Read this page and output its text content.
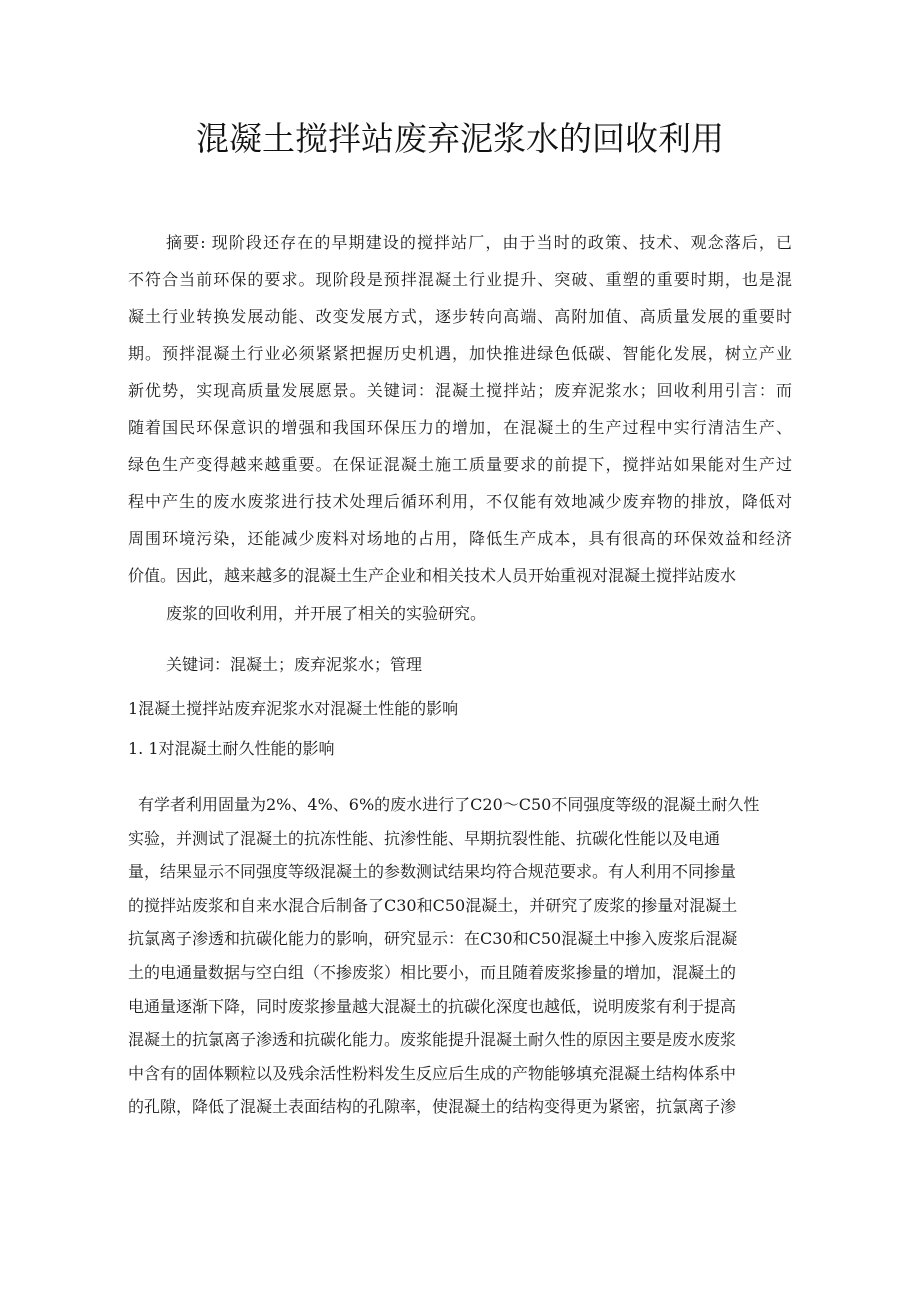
混凝土搅拌站废弃泥浆水的回收利用
摘要: 现阶段还存在的早期建设的搅拌站厂，由于当时的政策、技术、观念落后，已
不符合当前环保的要求。现阶段是预拌混凝土行业提升、突破、重塑的重要时期，也是混
凝土行业转换发展动能、改变发展方式，逐步转向高端、高附加值、高质量发展的重要时
期。预拌混凝土行业必须紧紧把握历史机遇，加快推进绿色低碳、智能化发展，树立产业
新优势，实现高质量发展愿景。关键词：混凝土搅拌站；废弃泥浆水；回收利用引言：而
随着国民环保意识的增强和我国环保压力的增加，在混凝土的生产过程中实行清洁生产、
绿色生产变得越来越重要。在保证混凝土施工质量要求的前提下，搅拌站如果能对生产过
程中产生的废水废浆进行技术处理后循环利用，不仅能有效地减少废弃物的排放，降低对
周围环境污染，还能减少废料对场地的占用，降低生产成本，具有很高的环保效益和经济
价值。因此，越来越多的混凝土生产企业和相关技术人员开始重视对混凝土搅拌站废水
废浆的回收利用，并开展了相关的实验研究。
关键词：混凝土；废弃泥浆水；管理
1混凝土搅拌站废弃泥浆水对混凝土性能的影响
1. 1对混凝土耐久性能的影响
有学者利用固量为2%、4%、6%的废水进行了C20〜C50不同强度等级的混凝土耐久性
实验，并测试了混凝土的抗冻性能、抗渗性能、早期抗裂性能、抗碳化性能以及电通
量，结果显示不同强度等级混凝土的参数测试结果均符合规范要求。有人利用不同掺量
的搅拌站废浆和自来水混合后制备了C30和C50混凝土，并研究了废浆的掺量对混凝土
抗氯离子渗透和抗碳化能力的影响，研究显示：在C30和C50混凝土中掺入废浆后混凝
土的电通量数据与空白组（不掺废浆）相比要小，而且随着废浆掺量的增加，混凝土的
电通量逐渐下降，同时废浆掺量越大混凝土的抗碳化深度也越低，说明废浆有利于提高
混凝土的抗氯离子渗透和抗碳化能力。废浆能提升混凝土耐久性的原因主要是废水废浆
中含有的固体颗粒以及残余活性粉料发生反应后生成的产物能够填充混凝土结构体系中
的孔隙，降低了混凝土表面结构的孔隙率，使混凝土的结构变得更为紧密，抗氯离子渗
